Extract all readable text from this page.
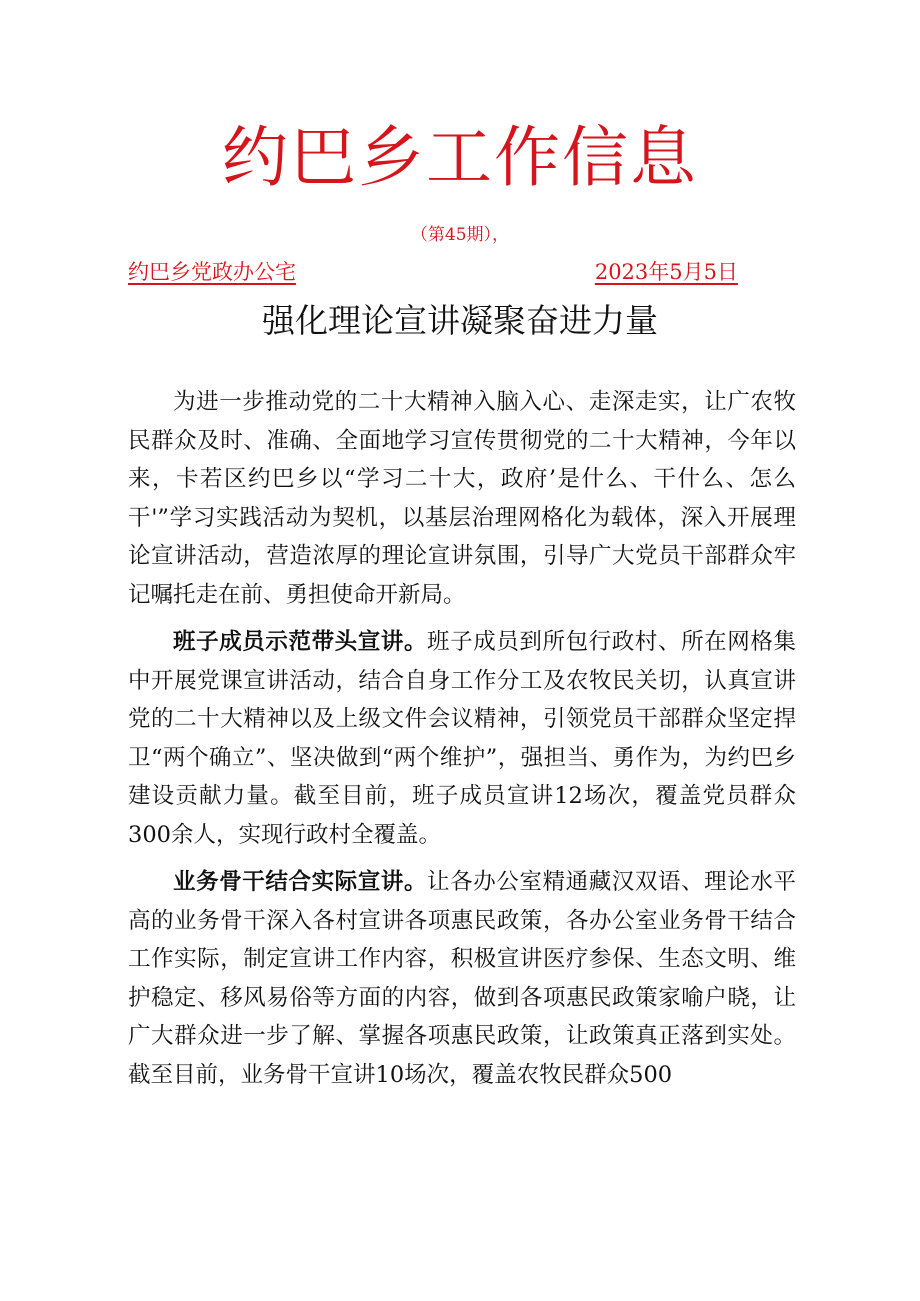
约巴乡工作信息
（第45期），
约巴乡党政办公宅	2023年5月5日
强化理论宣讲凝聚奋进力量

为进一步推动党的二十大精神入脑入心、走深走实，让广农牧民群众及时、准确、全面地学习宣传贯彻党的二十大精神，今年以来，卡若区约巴乡以“学习二十大，政府’是什么、干什么、怎么干'”学习实践活动为契机，以基层治理网格化为载体，深入开展理论宣讲活动，营造浓厚的理论宣讲氛围，引导广大党员干部群众牢记嘱托走在前、勇担使命开新局。

班子成员示范带头宣讲。班子成员到所包行政村、所在网格集中开展党课宣讲活动，结合自身工作分工及农牧民关切，认真宣讲党的二十大精神以及上级文件会议精神，引领党员干部群众坚定捍卫“两个确立”、坚决做到“两个维护”，强担当、勇作为，为约巴乡建设贡献力量。截至目前，班子成员宣讲12场次，覆盖党员群众300余人，实现行政村全覆盖。

业务骨干结合实际宣讲。让各办公室精通藏汉双语、理论水平高的业务骨干深入各村宣讲各项惠民政策，各办公室业务骨干结合工作实际，制定宣讲工作内容，积极宣讲医疗参保、生态文明、维护稳定、移风易俗等方面的内容，做到各项惠民政策家喻户晓，让广大群众进一步了解、掌握各项惠民政策，让政策真正落到实处。截至目前，业务骨干宣讲10场次，覆盖农牧民群众500
